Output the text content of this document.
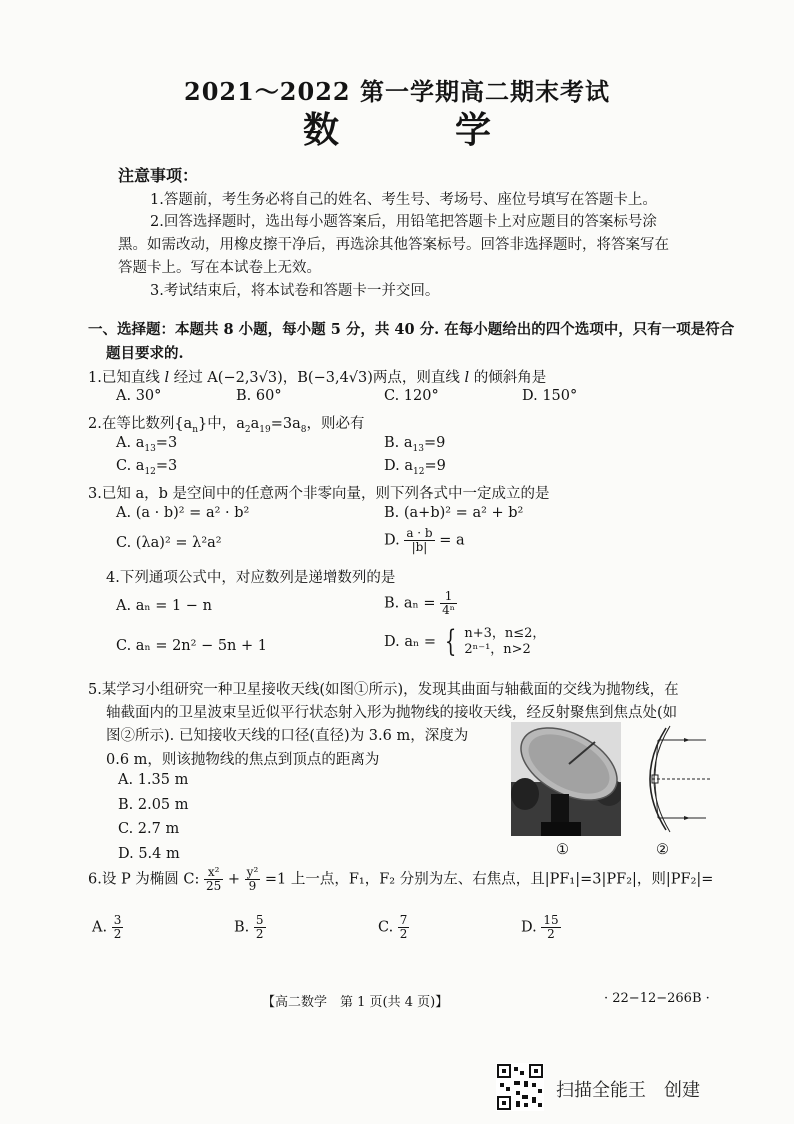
2021～2022 第一学期高二期末考试
数　学
注意事项：
1.答题前，考生务必将自己的姓名、考生号、考场号、座位号填写在答题卡上。
2.回答选择题时，选出每小题答案后，用铅笔把答题卡上对应题目的答案标号涂
黑。如需改动，用橡皮擦干净后，再选涂其他答案标号。回答非选择题时，将答案写在
答题卡上。写在本试卷上无效。
3.考试结束后，将本试卷和答题卡一并交回。
一、选择题：本题共 8 小题，每小题 5 分，共 40 分. 在每小题给出的四个选项中，只有一项是符合
题目要求的.
1.已知直线 l 经过 A(−2,3√3)，B(−3,4√3)两点，则直线 l 的倾斜角是
A. 30°	B. 60°	C. 120°	D. 150°
2.在等比数列$\{a_n\}$中，$a_2a_{19}=3a_8$，则必有
A. $a_{13}=3$	B. $a_{13}=9$
C. $a_{12}=3$	D. $a_{12}=9$
3.已知 a，b 是空间中的任意两个非零向量，则下列各式中一定成立的是
A. (a · b)² = a² · b²	B. (a+b)² = a² + b²
C. (λa)² = λ²a²	D. $\frac{a \cdot b}{|b|} = a$
4.下列通项公式中，对应数列是递增数列的是
A. aₙ = 1 − n	B. $a_n = \frac{1}{\text{4ⁿ}}$
C. aₙ = 2n² − 5n + 1	D. aₙ = { n+3，n≤2，
2ⁿ⁻¹，n>2
5.某学习小组研究一种卫星接收天线(如图①所示)，发现其曲面与轴截面的交线为抛物线，在
轴截面内的卫星波束呈近似平行状态射入形为抛物线的接收天线，经反射聚焦到焦点处(如
图②所示). 已知接收天线的口径(直径)为 3.6 m，深度为
0.6 m，则该抛物线的焦点到顶点的距离为
A. 1.35 m
B. 2.05 m
C. 2.7 m
D. 5.4 m	①	②
6.设 P 为椭圆 C: $\frac{\text{x²}}{25} + \frac{\text{y²}}{9} =1$ 上一点，F₁，F₂ 分别为左、右焦点，且|PF₁|=3|PF₂|，则|PF₂|=
A. $\frac{3}{2}$	B. $\frac{5}{2}$	C. $\frac{7}{2}$	D. $\frac{15}{2}$
【高二数学　第 1 页(共 4 页)】	· 22−12−266B ·
扫描全能王　创建
